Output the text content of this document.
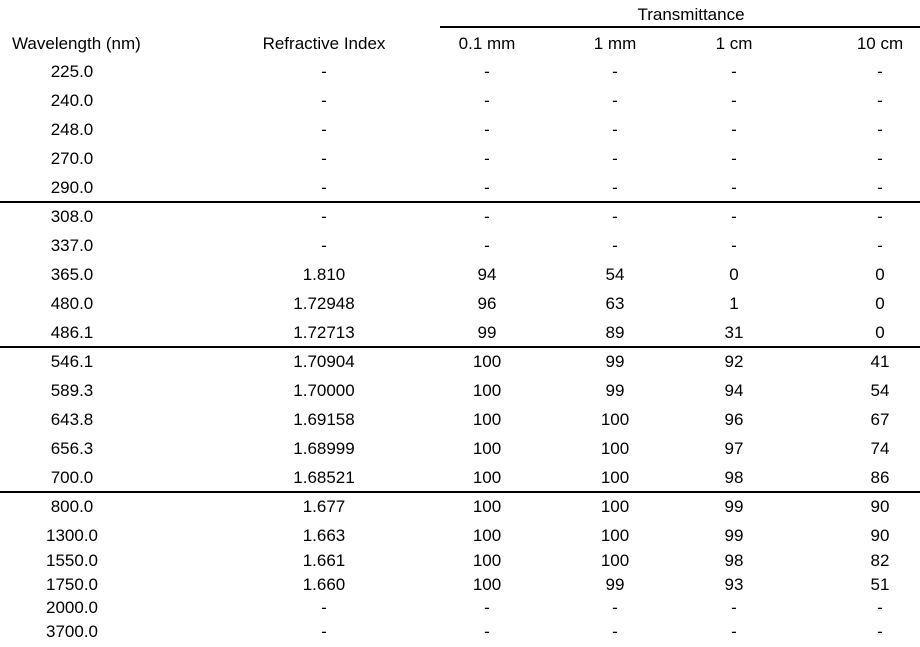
Transmittance
Wavelength (nm)	Refractive Index	0.1 mm	1 mm	1 cm	10 cm
225.0	-	-	-	-	-
240.0	-	-	-	-	-
248.0	-	-	-	-	-
270.0	-	-	-	-	-
290.0	-	-	-	-	-
308.0	-	-	-	-	-
337.0	-	-	-	-	-
365.0	1.810	94	54	0	0
480.0	1.72948	96	63	1	0
486.1	1.72713	99	89	31	0
546.1	1.70904	100	99	92	41
589.3	1.70000	100	99	94	54
643.8	1.69158	100	100	96	67
656.3	1.68999	100	100	97	74
700.0	1.68521	100	100	98	86
800.0	1.677	100	100	99	90
1300.0	1.663	100	100	99	90
1550.0	1.661	100	100	98	82
1750.0	1.660	100	99	93	51
2000.0	-	-	-	-	-
3700.0	-	-	-	-	-
